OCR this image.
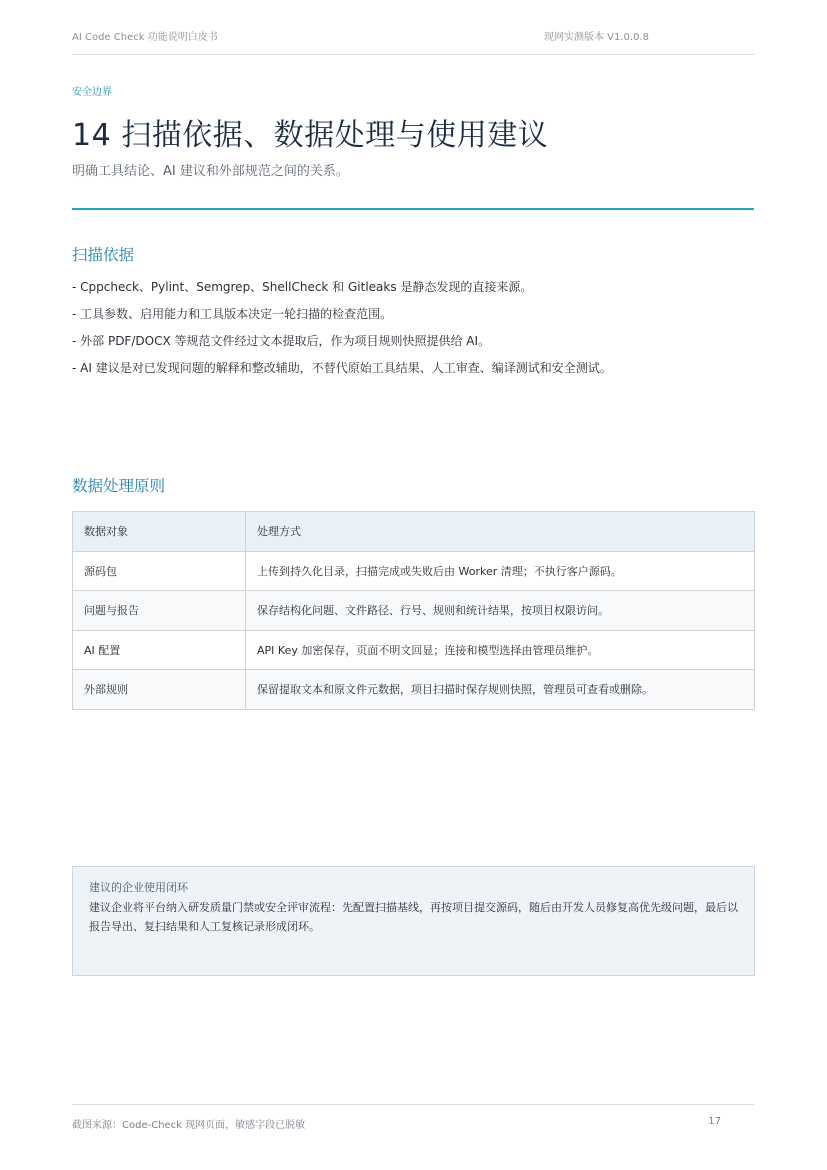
AI Code Check 功能说明白皮书	现网实测版本 V1.0.0.8
安全边界
14 扫描依据、数据处理与使用建议
明确工具结论、AI 建议和外部规范之间的关系。
扫描依据
- Cppcheck、Pylint、Semgrep、ShellCheck 和 Gitleaks 是静态发现的直接来源。
- 工具参数、启用能力和工具版本决定一轮扫描的检查范围。
- 外部 PDF/DOCX 等规范文件经过文本提取后，作为项目规则快照提供给 AI。
- AI 建议是对已发现问题的解释和整改辅助，不替代原始工具结果、人工审查、编译测试和安全测试。
数据处理原则
数据对象	处理方式
源码包	上传到持久化目录，扫描完成或失败后由 Worker 清理；不执行客户源码。
问题与报告	保存结构化问题、文件路径、行号、规则和统计结果，按项目权限访问。
AI 配置	API Key 加密保存，页面不明文回显；连接和模型选择由管理员维护。
外部规则	保留提取文本和原文件元数据，项目扫描时保存规则快照，管理员可查看或删除。
建议的企业使用闭环
建议企业将平台纳入研发质量门禁或安全评审流程：先配置扫描基线，再按项目提交源码，随后由开发人员修复高优先级问题，最后以报告导出、复扫结果和人工复核记录形成闭环。
截图来源：Code-Check 现网页面，敏感字段已脱敏	17
